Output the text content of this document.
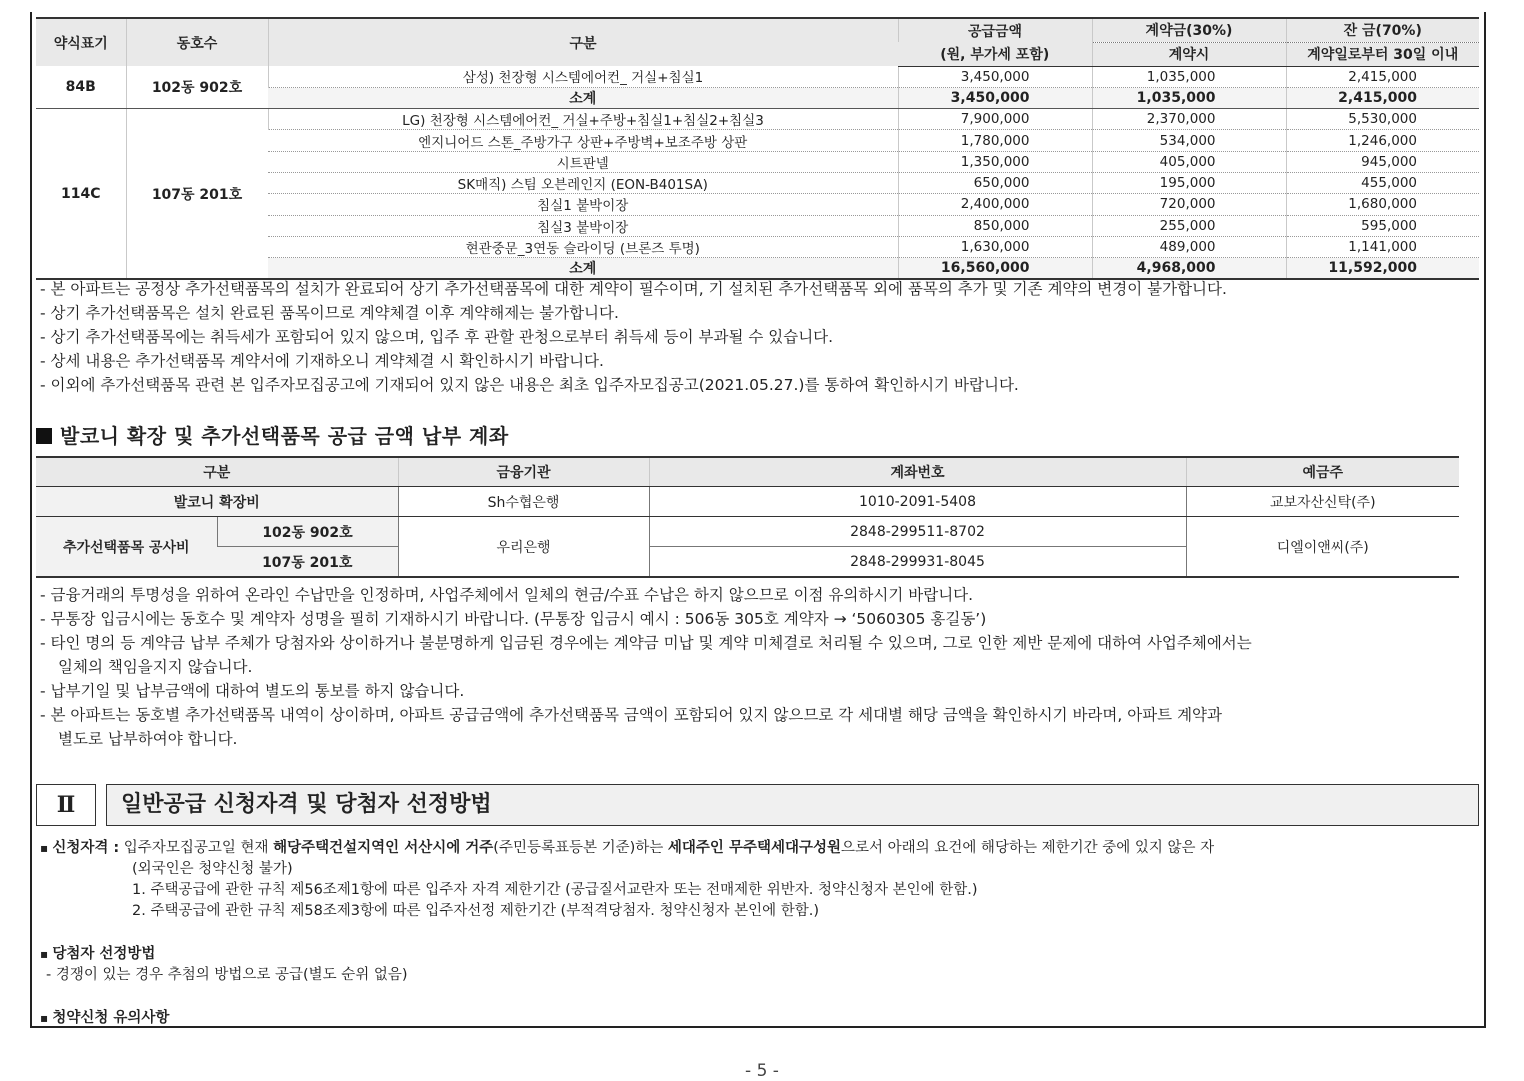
약식표기	동호수	구분	공급금액	계약금(30%)	잔 금(70%)
			(원, 부가세 포함)	계약시	계약일로부터 30일 이내
84B	102동 902호	삼성) 천장형 시스템에어컨_ 거실+침실1	3,450,000	1,035,000	2,415,000
		소계	3,450,000	1,035,000	2,415,000
114C	107동 201호	LG) 천장형 시스템에어컨_ 거실+주방+침실1+침실2+침실3	7,900,000	2,370,000	5,530,000
		엔지니어드 스톤_주방가구 상판+주방벽+보조주방 상판	1,780,000	534,000	1,246,000
		시트판넬	1,350,000	405,000	945,000
		SK매직) 스팀 오븐레인지 (EON-B401SA)	650,000	195,000	455,000
		침실1 붙박이장	2,400,000	720,000	1,680,000
		침실3 붙박이장	850,000	255,000	595,000
		현관중문_3연동 슬라이딩 (브론즈 투명)	1,630,000	489,000	1,141,000
		소계	16,560,000	4,968,000	11,592,000
- 본 아파트는 공정상 추가선택품목의 설치가 완료되어 상기 추가선택품목에 대한 계약이 필수이며, 기 설치된 추가선택품목 외에 품목의 추가 및 기존 계약의 변경이 불가합니다.
- 상기 추가선택품목은 설치 완료된 품목이므로 계약체결 이후 계약해제는 불가합니다.
- 상기 추가선택품목에는 취득세가 포함되어 있지 않으며, 입주 후 관할 관청으로부터 취득세 등이 부과될 수 있습니다.
- 상세 내용은 추가선택품목 계약서에 기재하오니 계약체결 시 확인하시기 바랍니다.
- 이외에 추가선택품목 관련 본 입주자모집공고에 기재되어 있지 않은 내용은 최초 입주자모집공고(2021.05.27.)를 통하여 확인하시기 바랍니다.
발코니 확장 및 추가선택품목 공급 금액 납부 계좌
구분		금융기관	계좌번호	예금주
발코니 확장비		Sh수협은행	1010-2091-5408	교보자산신탁(주)
추가선택품목 공사비	102동 902호	우리은행	2848-299511-8702	디엘이앤씨(주)
	107동 201호		2848-299931-8045	
- 금융거래의 투명성을 위하여 온라인 수납만을 인정하며, 사업주체에서 일체의 현금/수표 수납은 하지 않으므로 이점 유의하시기 바랍니다.
- 무통장 입금시에는 동호수 및 계약자 성명을 필히 기재하시기 바랍니다. (무통장 입금시 예시 : 506동 305호 계약자 → ‘5060305 홍길동’)
- 타인 명의 등 계약금 납부 주체가 당첨자와 상이하거나 불분명하게 입금된 경우에는 계약금 미납 및 계약 미체결로 처리될 수 있으며, 그로 인한 제반 문제에 대하여 사업주체에서는
일체의 책임을지지 않습니다.
- 납부기일 및 납부금액에 대하여 별도의 통보를 하지 않습니다.
- 본 아파트는 동호별 추가선택품목 내역이 상이하며, 아파트 공급금액에 추가선택품목 금액이 포함되어 있지 않으므로 각 세대별 해당 금액을 확인하시기 바라며, 아파트 계약과
별도로 납부하여야 합니다.
Ⅱ	일반공급 신청자격 및 당첨자 선정방법
▪ 신청자격 : 입주자모집공고일 현재 해당주택건설지역인 서산시에 거주(주민등록표등본 기준)하는 세대주인 무주택세대구성원으로서 아래의 요건에 해당하는 제한기간 중에 있지 않은 자
(외국인은 청약신청 불가)
1. 주택공급에 관한 규칙 제56조제1항에 따른 입주자 자격 제한기간 (공급질서교란자 또는 전매제한 위반자. 청약신청자 본인에 한함.)
2. 주택공급에 관한 규칙 제58조제3항에 따른 입주자선정 제한기간 (부적격당첨자. 청약신청자 본인에 한함.)
▪ 당첨자 선정방법
- 경쟁이 있는 경우 추첨의 방법으로 공급(별도 순위 없음)
▪ 청약신청 유의사항
- 5 -
